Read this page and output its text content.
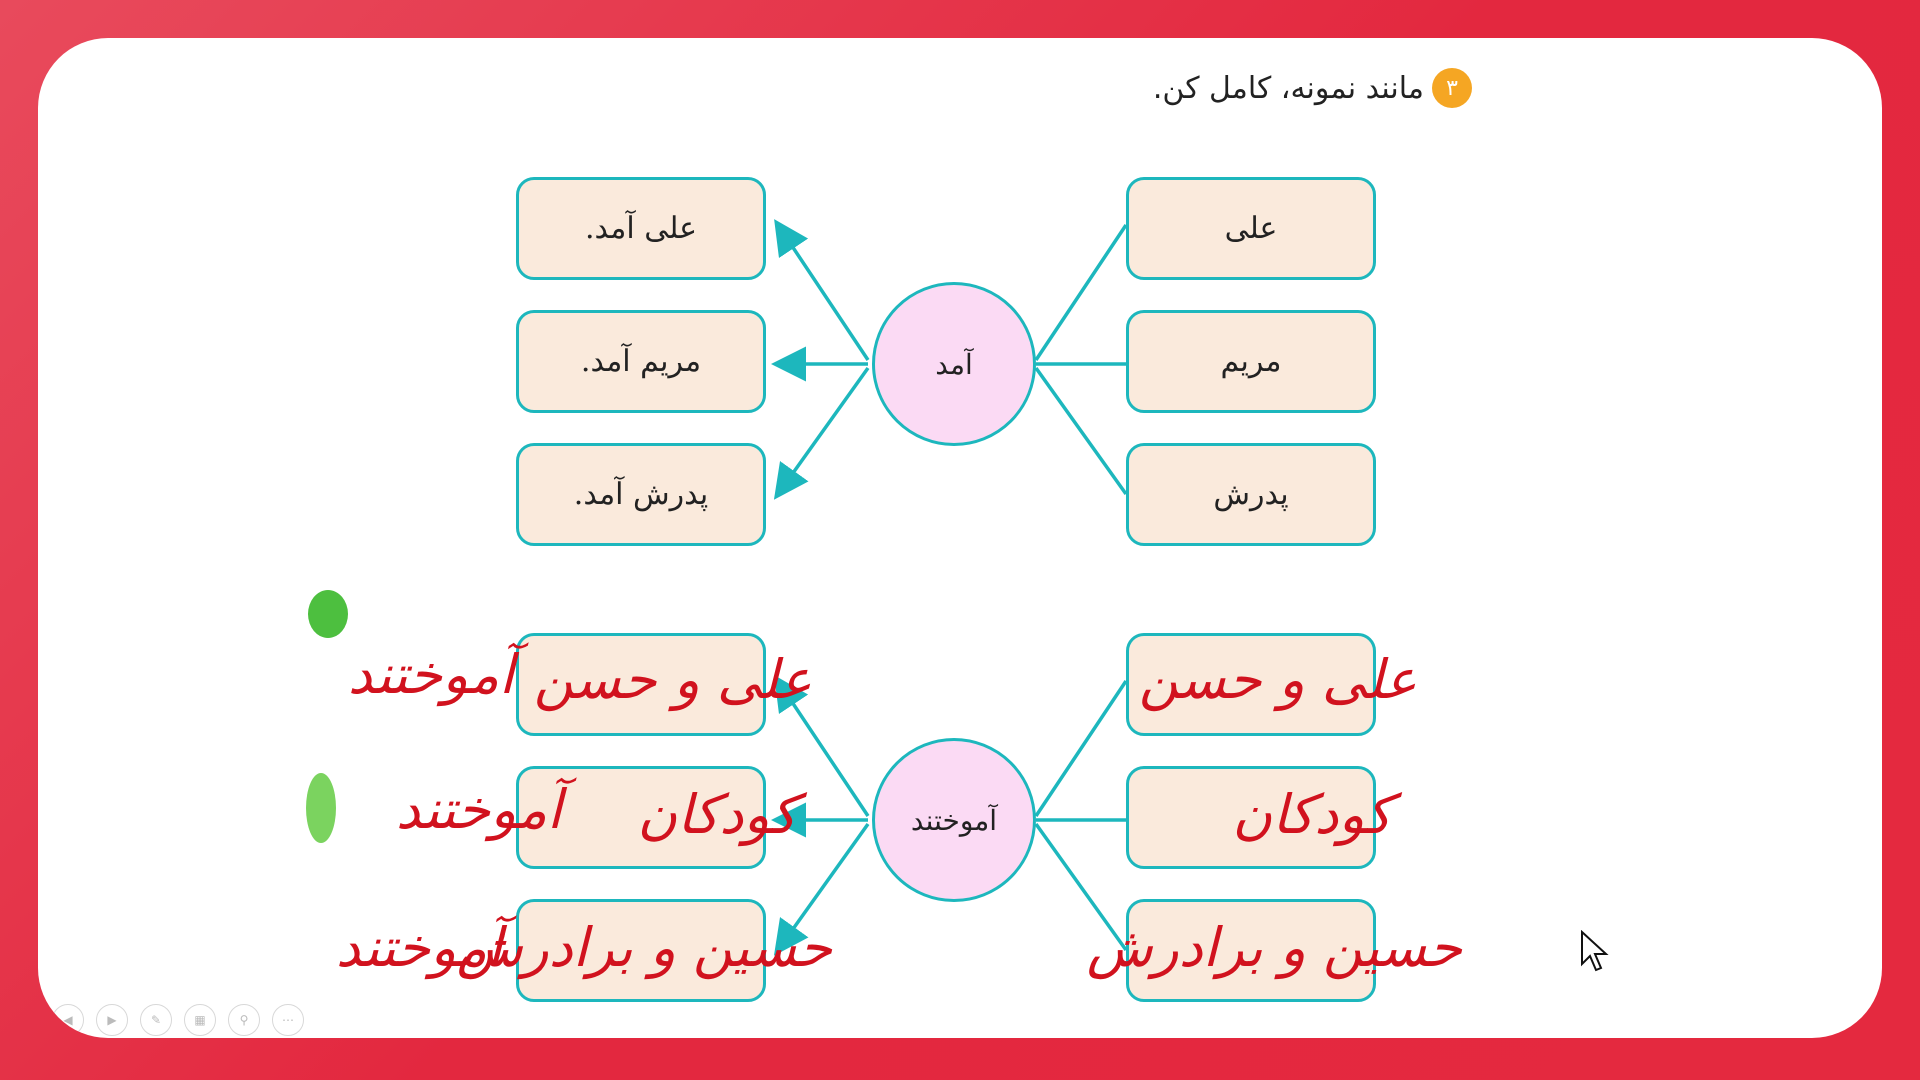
۳
مانند نمونه، کامل کن.
علی
مریم
پدرش
آمد
علی آمد.
مریم آمد.
پدرش آمد.
آموختند
علی و حسن
کودکان
حسین و برادرش
علی و حسن
کودکان
حسین و برادرش
آموختند
آموختند
آموختند
◀	▶	✎	▦	⚲	⋯
